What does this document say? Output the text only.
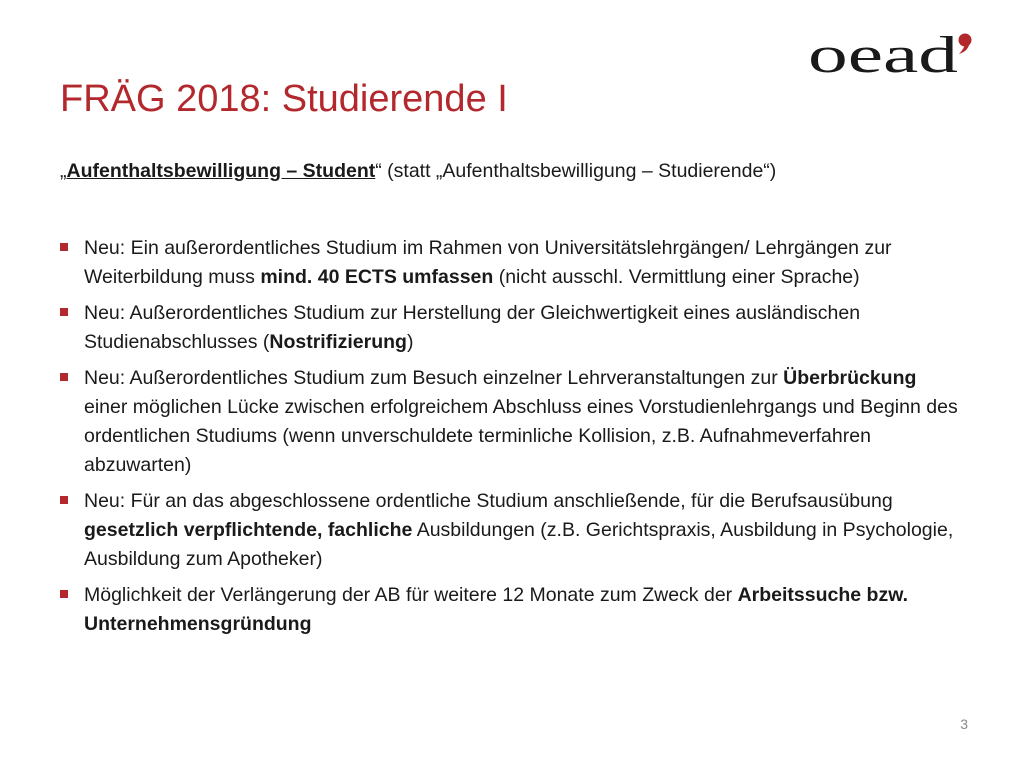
oead
FRÄG 2018: Studierende I
„Aufenthaltsbewilligung – Student“ (statt „Aufenthaltsbewilligung – Studierende“)
Neu: Ein außerordentliches Studium im Rahmen von Universitätslehrgängen/ Lehrgängen zur Weiterbildung muss mind. 40 ECTS umfassen (nicht ausschl. Vermittlung einer Sprache)
Neu: Außerordentliches Studium zur Herstellung der Gleichwertigkeit eines ausländischen Studienabschlusses (Nostrifizierung)
Neu: Außerordentliches Studium zum Besuch einzelner Lehrveranstaltungen zur Überbrückung einer möglichen Lücke zwischen erfolgreichem Abschluss eines Vorstudienlehrgangs und Beginn des ordentlichen Studiums (wenn unverschuldete terminliche Kollision, z.B. Aufnahmeverfahren abzuwarten)
Neu: Für an das abgeschlossene ordentliche Studium anschließende, für die Berufsausübung gesetzlich verpflichtende, fachliche Ausbildungen (z.B. Gerichtspraxis, Ausbildung in Psychologie, Ausbildung zum Apotheker)
Möglichkeit der Verlängerung der AB für weitere 12 Monate zum Zweck der Arbeitssuche bzw. Unternehmensgründung
3
